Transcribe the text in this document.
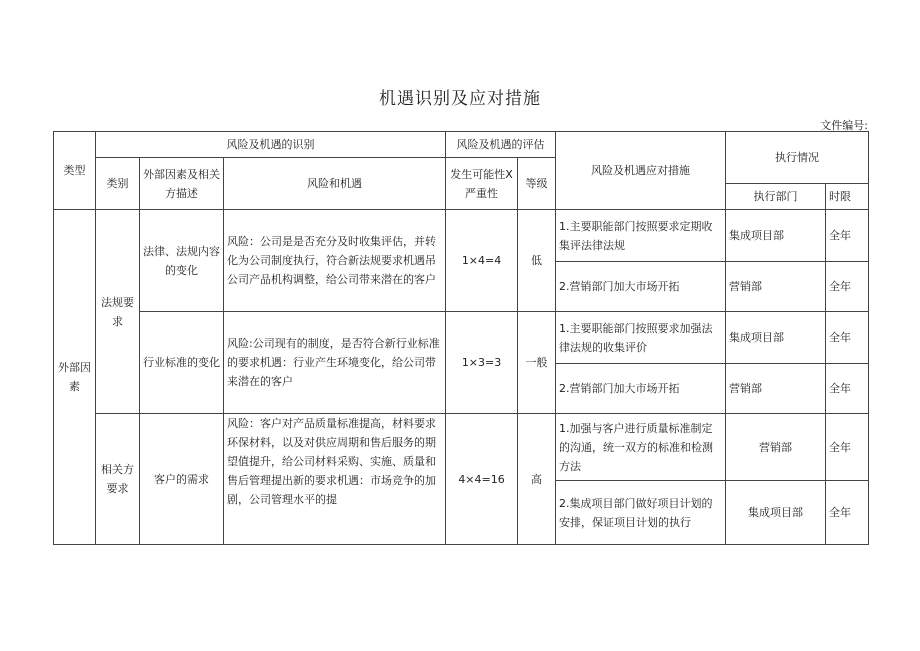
机遇识别及应对措施
文件编号:
类型	风险及机遇的识别			风险及机遇的评估		风险及机遇应对措施	执行情况	
	类别	外部因素及相关方描述	风险和机遇	发生可能性X严重性	等级			
							执行部门	时限
外部因素	法规要求	法律、法规内容的变化	风险：公司是是否充分及时收集评估，并转化为公司制度执行，符合新法规要求机遇吊公司产品机构调整，给公司带来潜在的客户	1×4=4	低	1.主要职能部门按照要求定期收集评法律法规	集成项目部	全年
						2.营销部门加大市场开拓	营销部	全年
		行业标准的变化	风险:公司现有的制度，是否符合新行业标准的要求机遇：行业产生环境变化，给公司带来潜在的客户	1×3=3	一般	1.主要职能部门按照要求加强法律法规的收集评价	集成项目部	全年
						2.营销部门加大市场开拓	营销部	全年
	相关方要求	客户的需求	风险：客户对产品质量标准提高，材料要求环保材料，以及对供应周期和售后服务的期望值提升，给公司材料采购、实施、质量和售后管理提出新的要求机遇：市场竞争的加剧，公司管理水平的提	4×4=16	高	1.加强与客户进行质量标准制定的沟通，统一双方的标准和检测方法	营销部	全年
						2.集成项目部门做好项目计划的安排，保证项目计划的执行	集成项目部	全年
